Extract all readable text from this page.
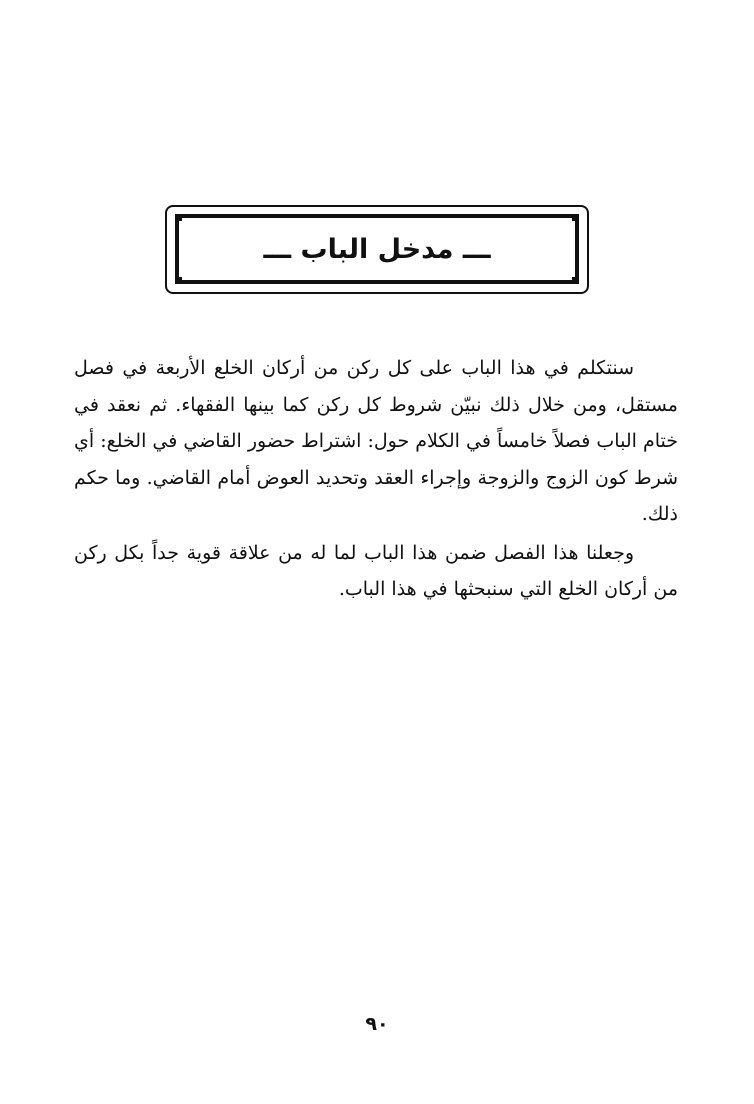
ـــ مدخل الباب ـــ

سنتكلم في هذا الباب على كل ركن من أركان الخلع الأربعة في فصل مستقل، ومن خلال ذلك نبيّن شروط كل ركن كما بينها الفقهاء. ثم نعقد في ختام الباب فصلاً خامساً في الكلام حول: اشتراط حضور القاضي في الخلع: أي شرط كون الزوج والزوجة وإجراء العقد وتحديد العوض أمام القاضي. وما حكم ذلك.

وجعلنا هذا الفصل ضمن هذا الباب لما له من علاقة قوية جداً بكل ركن من أركان الخلع التي سنبحثها في هذا الباب.

٩٠
